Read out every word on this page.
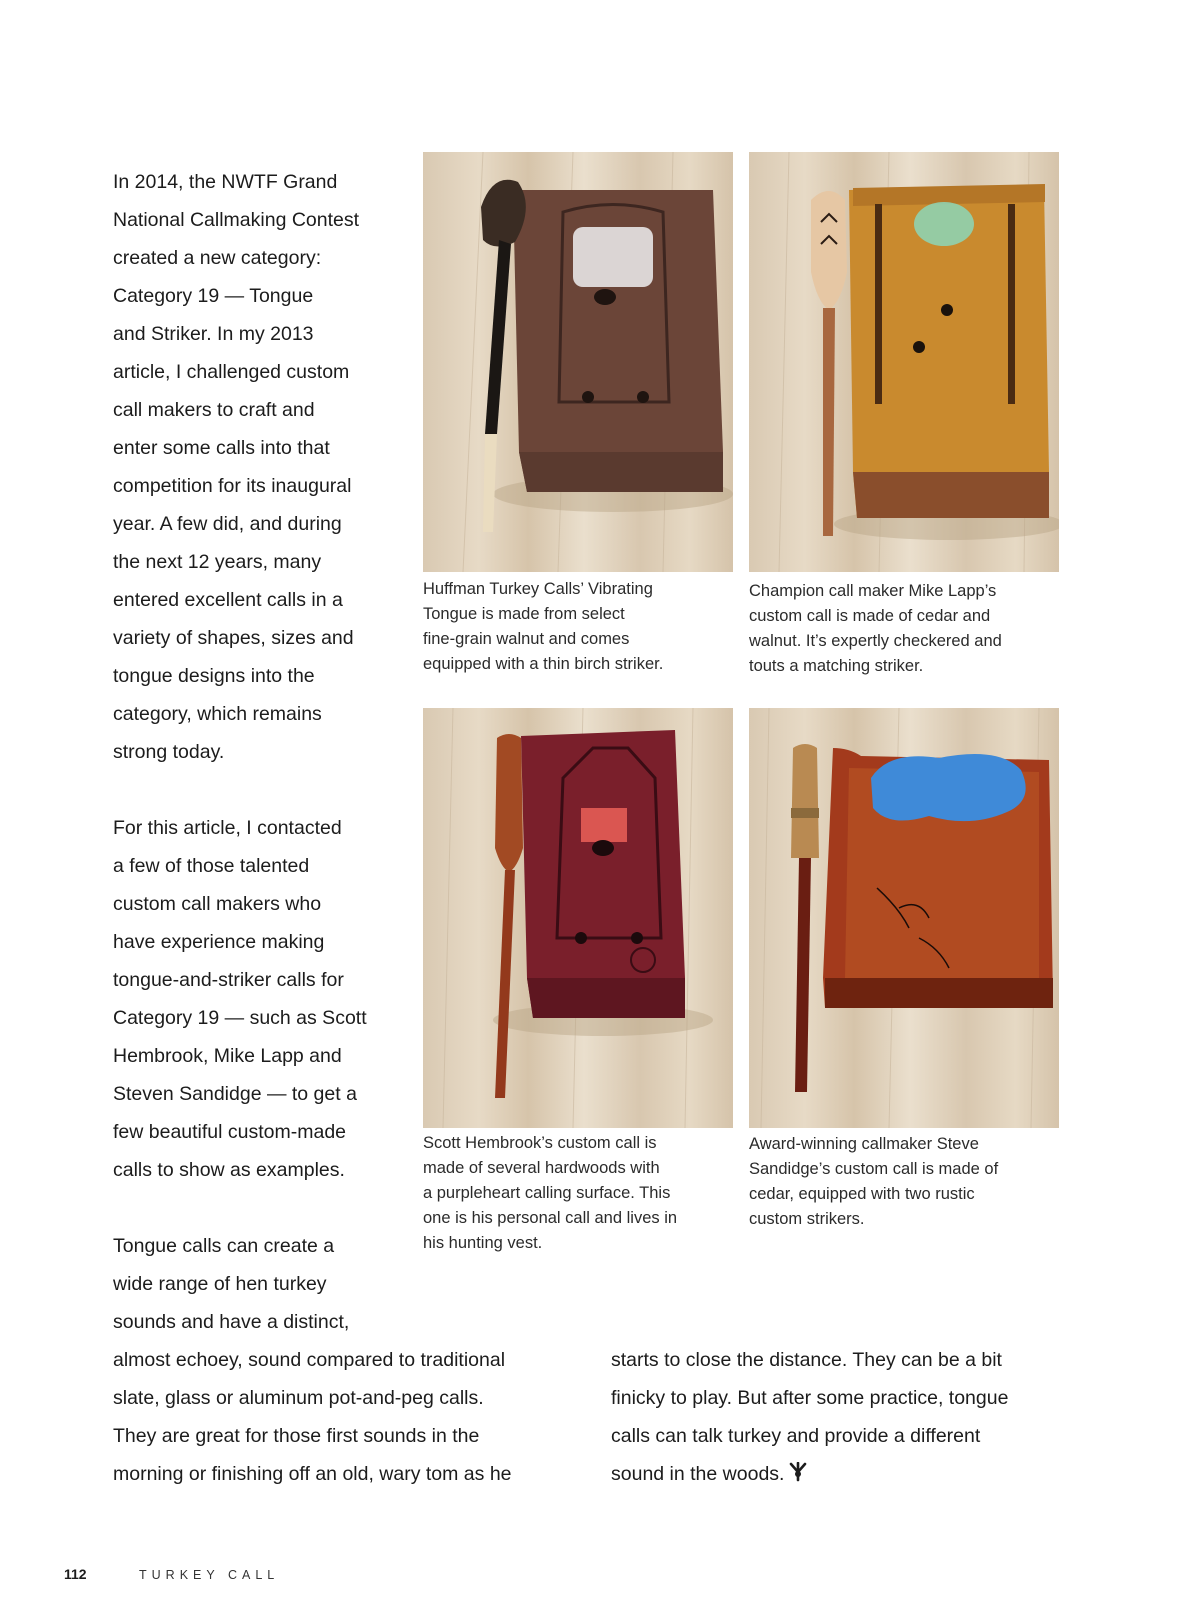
In 2014, the NWTF Grand
National Callmaking Contest
created a new category:
Category 19 — Tongue
and Striker. In my 2013
article, I challenged custom
call makers to craft and
enter some calls into that
competition for its inaugural
year. A few did, and during
the next 12 years, many
entered excellent calls in a
variety of shapes, sizes and
tongue designs into the
category, which remains
strong today.
For this article, I contacted
a few of those talented
custom call makers who
have experience making
tongue-and-striker calls for
Category 19 — such as Scott
Hembrook, Mike Lapp and
Steven Sandidge — to get a
few beautiful custom-made
calls to show as examples.
Tongue calls can create a
wide range of hen turkey
sounds and have a distinct,
almost echoey, sound compared to traditional
slate, glass or aluminum pot-and-peg calls.
They are great for those first sounds in the
morning or finishing off an old, wary tom as he
starts to close the distance. They can be a bit
finicky to play. But after some practice, tongue
calls can talk turkey and provide a different
sound in the woods.
Huffman Turkey Calls’ Vibrating
Tongue is made from select
fine-grain walnut and comes
equipped with a thin birch striker.
Champion call maker Mike Lapp’s
custom call is made of cedar and
walnut. It’s expertly checkered and
touts a matching striker.
Scott Hembrook’s custom call is
made of several hardwoods with
a purpleheart calling surface. This
one is his personal call and lives in
his hunting vest.
Award-winning callmaker Steve
Sandidge’s custom call is made of
cedar, equipped with two rustic
custom strikers.
112	TURKEY CALL
